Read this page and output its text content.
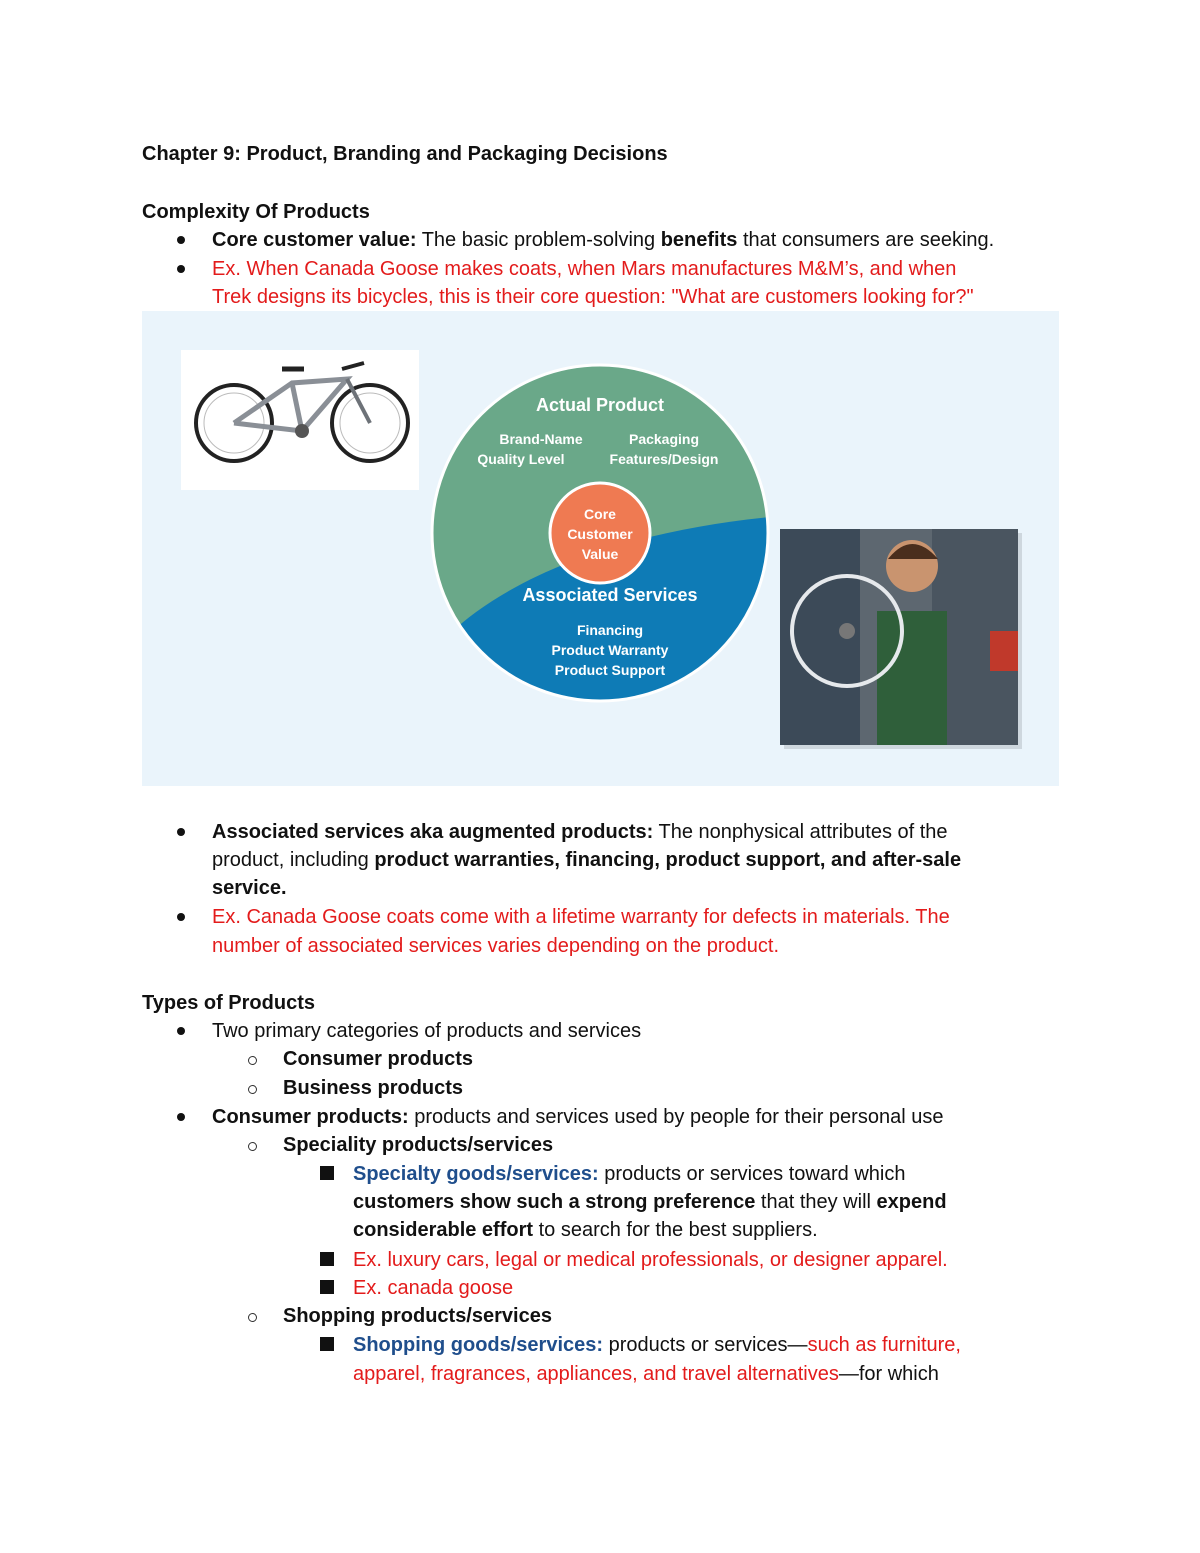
Chapter 9: Product, Branding and Packaging Decisions
Complexity Of Products
Core customer value: The basic problem-solving benefits that consumers are seeking.
Ex. When Canada Goose makes coats, when Mars manufactures M&M’s, and when
Trek designs its bicycles, this is their core question: "What are customers looking for?"
Actual Product
Brand-Name	Packaging
Quality Level	Features/Design
Core
Customer
Value
Associated Services
Financing
Product Warranty
Product Support
Associated services aka augmented products: The nonphysical attributes of the
product, including product warranties, financing, product support, and after-sale
service.
Ex. Canada Goose coats come with a lifetime warranty for defects in materials. The
number of associated services varies depending on the product.
Types of Products
Two primary categories of products and services
Consumer products
Business products
Consumer products: products and services used by people for their personal use
Speciality products/services
Specialty goods/services: products or services toward which
customers show such a strong preference that they will expend
considerable effort to search for the best suppliers.
Ex. luxury cars, legal or medical professionals, or designer apparel.
Ex. canada goose
Shopping products/services
Shopping goods/services: products or services—such as furniture,
apparel, fragrances, appliances, and travel alternatives—for which
